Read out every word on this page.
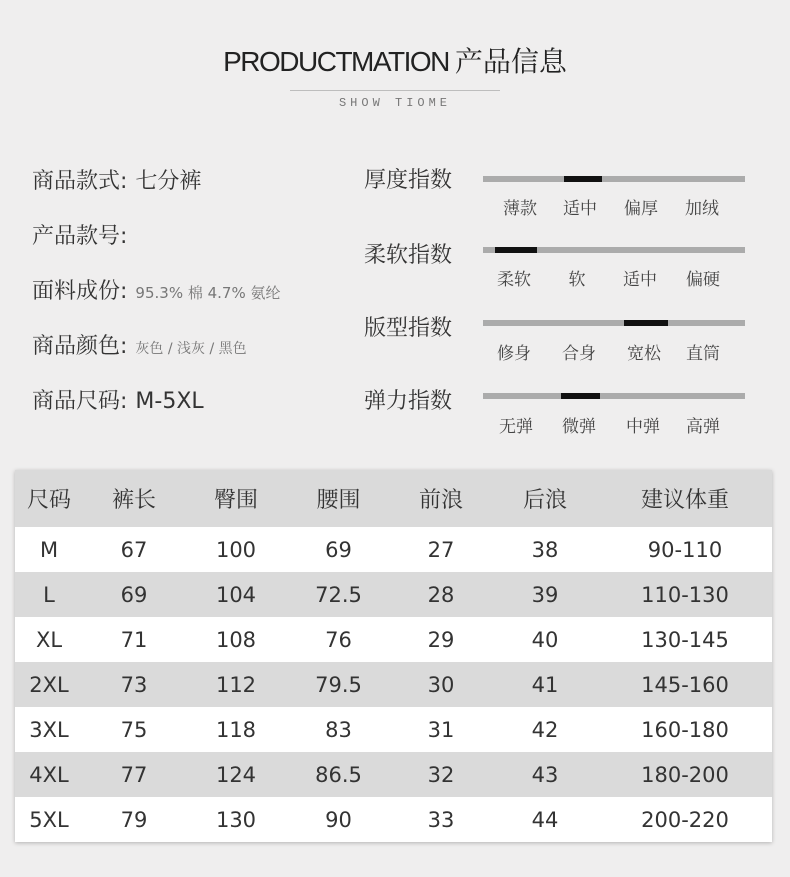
PRODUCTMATION 产品信息
SHOW TIOME
商品款式: 七分裤
产品款号:
面料成份: 95.3% 棉 4.7% 氨纶
商品颜色: 灰色 / 浅灰 / 黑色
商品尺码: M-5XL
厚度指数
薄款	适中	偏厚	加绒
柔软指数
柔软	软	适中	偏硬
版型指数
修身	合身	宽松	直筒
弹力指数
无弹	微弹	中弹	高弹
尺码	裤长	臀围	腰围	前浪	后浪	建议体重
M	67	100	69	27	38	90-110
L	69	104	72.5	28	39	110-130
XL	71	108	76	29	40	130-145
2XL	73	112	79.5	30	41	145-160
3XL	75	118	83	31	42	160-180
4XL	77	124	86.5	32	43	180-200
5XL	79	130	90	33	44	200-220
